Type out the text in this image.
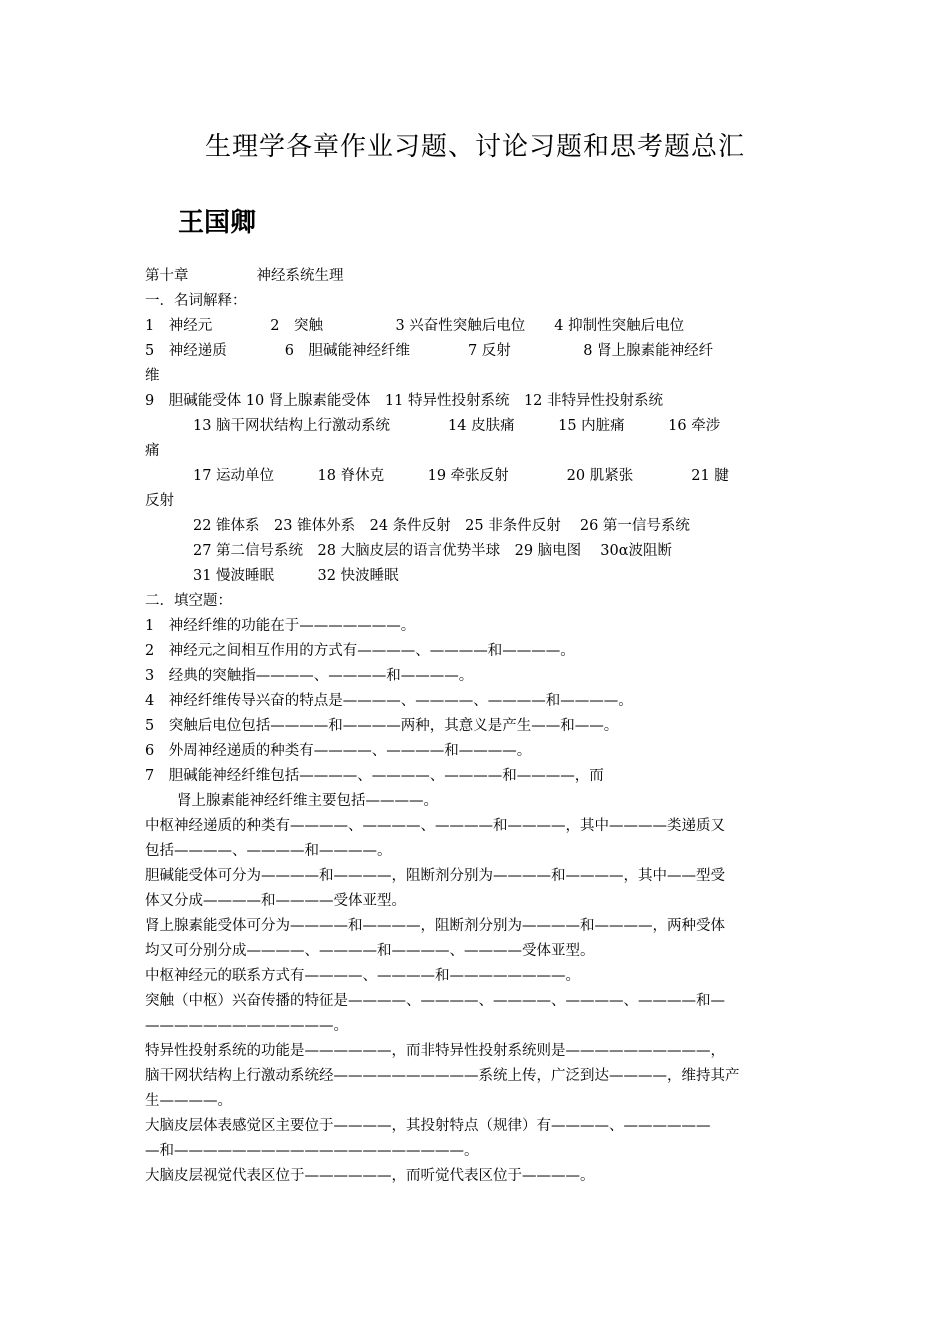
生理学各章作业习题、讨论习题和思考题总汇
王国卿
第十章	神经系统生理
一．名词解释：
1　神经元　　　　2　突触　　　　　3 兴奋性突触后电位　　4 抑制性突触后电位
5　神经递质　　　　6　胆碱能神经纤维　　　　7 反射　　　　　8 肾上腺素能神经纤
维
9　胆碱能受体 10 肾上腺素能受体　11 特异性投射系统　12 非特异性投射系统
13 脑干网状结构上行激动系统　　　　14 皮肤痛　　　15 内脏痛　　　16 牵涉
痛
17 运动单位　　　18 脊休克　　　19 牵张反射　　　　20 肌紧张　　　　21 腱
反射
22 锥体系　23 锥体外系　24 条件反射　25 非条件反射　 26 第一信号系统
27 第二信号系统　28 大脑皮层的语言优势半球　29 脑电图　 30α波阻断
31 慢波睡眠　　　32 快波睡眠
二．填空题：
1　神经纤维的功能在于———————。
2　神经元之间相互作用的方式有————、————和————。
3　经典的突触指————、————和————。
4　神经纤维传导兴奋的特点是————、————、————和————。
5　突触后电位包括————和————两种，其意义是产生——和——。
6　外周神经递质的种类有————、————和————。
7　胆碱能神经纤维包括————、————、————和————，而
肾上腺素能神经纤维主要包括————。
中枢神经递质的种类有————、————、————和————，其中————类递质又
包括————、————和————。
胆碱能受体可分为————和————，阻断剂分别为————和————，其中——型受
体又分成————和————受体亚型。
肾上腺素能受体可分为————和————，阻断剂分别为————和————，两种受体
均又可分别分成————、————和————、————受体亚型。
中枢神经元的联系方式有————、————和————————。
突触（中枢）兴奋传播的特征是————、————、————、————、————和—
—————————————。
特异性投射系统的功能是——————，而非特异性投射系统则是——————————，
脑干网状结构上行激动系统经——————————系统上传，广泛到达————，维持其产
生————。
大脑皮层体表感觉区主要位于————，其投射特点（规律）有————、——————
—和————————————————————。
大脑皮层视觉代表区位于——————，而听觉代表区位于————。
